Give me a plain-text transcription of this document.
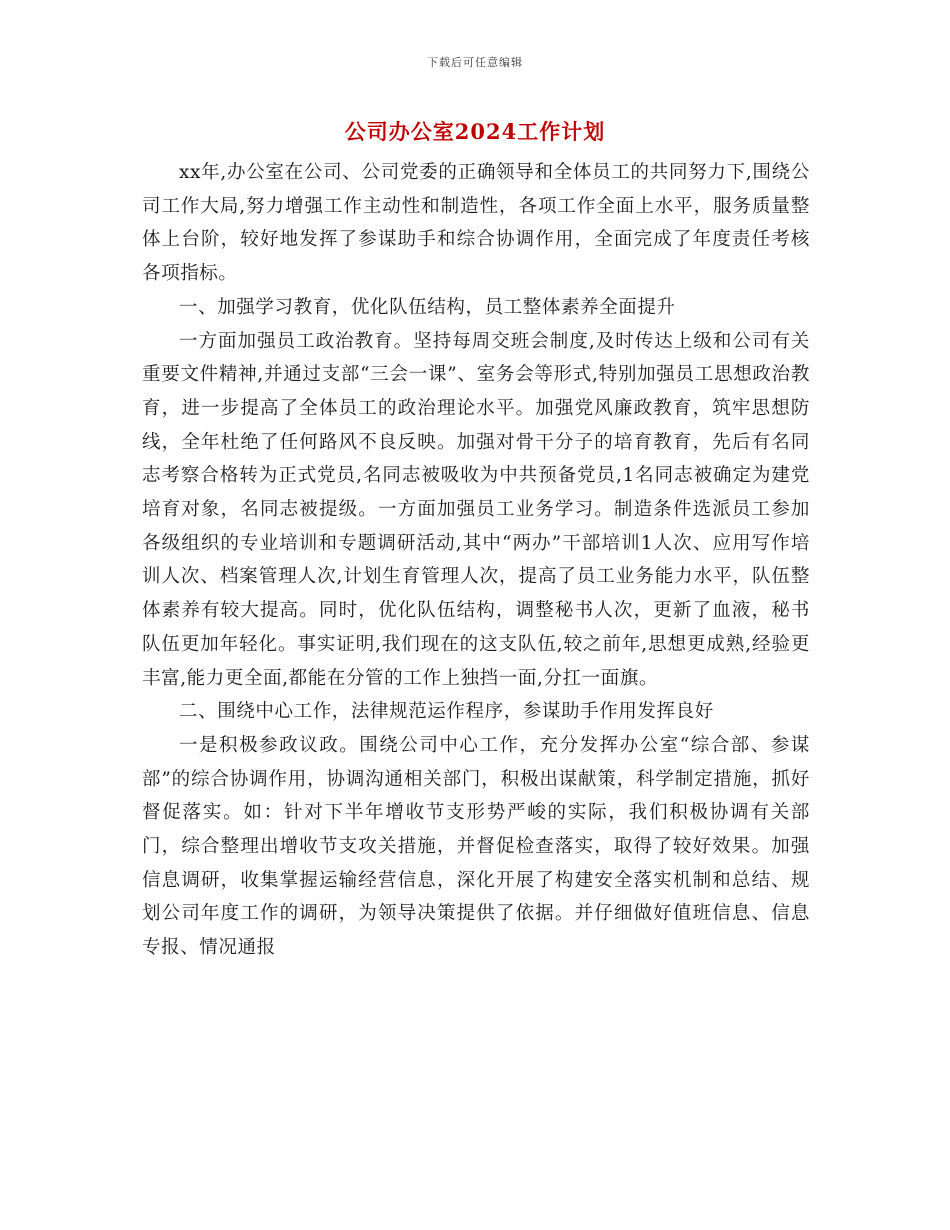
下载后可任意编辑
公司办公室2024工作计划

xx年,办公室在公司、公司党委的正确领导和全体员工的共同努力下,围绕公司工作大局,努力增强工作主动性和制造性，各项工作全面上水平，服务质量整体上台阶，较好地发挥了参谋助手和综合协调作用，全面完成了年度责任考核各项指标。

一、加强学习教育，优化队伍结构，员工整体素养全面提升

一方面加强员工政治教育。坚持每周交班会制度,及时传达上级和公司有关重要文件精神,并通过支部“三会一课”、室务会等形式,特别加强员工思想政治教育，进一步提高了全体员工的政治理论水平。加强党风廉政教育，筑牢思想防线，全年杜绝了任何路风不良反映。加强对骨干分子的培育教育，先后有名同志考察合格转为正式党员,名同志被吸收为中共预备党员,1名同志被确定为建党培育对象，名同志被提级。一方面加强员工业务学习。制造条件选派员工参加各级组织的专业培训和专题调研活动,其中“两办”干部培训1人次、应用写作培训人次、档案管理人次,计划生育管理人次，提高了员工业务能力水平，队伍整体素养有较大提高。同时，优化队伍结构，调整秘书人次，更新了血液，秘书队伍更加年轻化。事实证明,我们现在的这支队伍,较之前年,思想更成熟,经验更丰富,能力更全面,都能在分管的工作上独挡一面,分扛一面旗。

二、围绕中心工作，法律规范运作程序，参谋助手作用发挥良好

一是积极参政议政。围绕公司中心工作，充分发挥办公室“综合部、参谋部”的综合协调作用，协调沟通相关部门，积极出谋献策，科学制定措施，抓好督促落实。如：针对下半年增收节支形势严峻的实际，我们积极协调有关部门，综合整理出增收节支攻关措施，并督促检查落实，取得了较好效果。加强信息调研，收集掌握运输经营信息，深化开展了构建安全落实机制和总结、规划公司年度工作的调研，为领导决策提供了依据。并仔细做好值班信息、信息专报、情况通报
